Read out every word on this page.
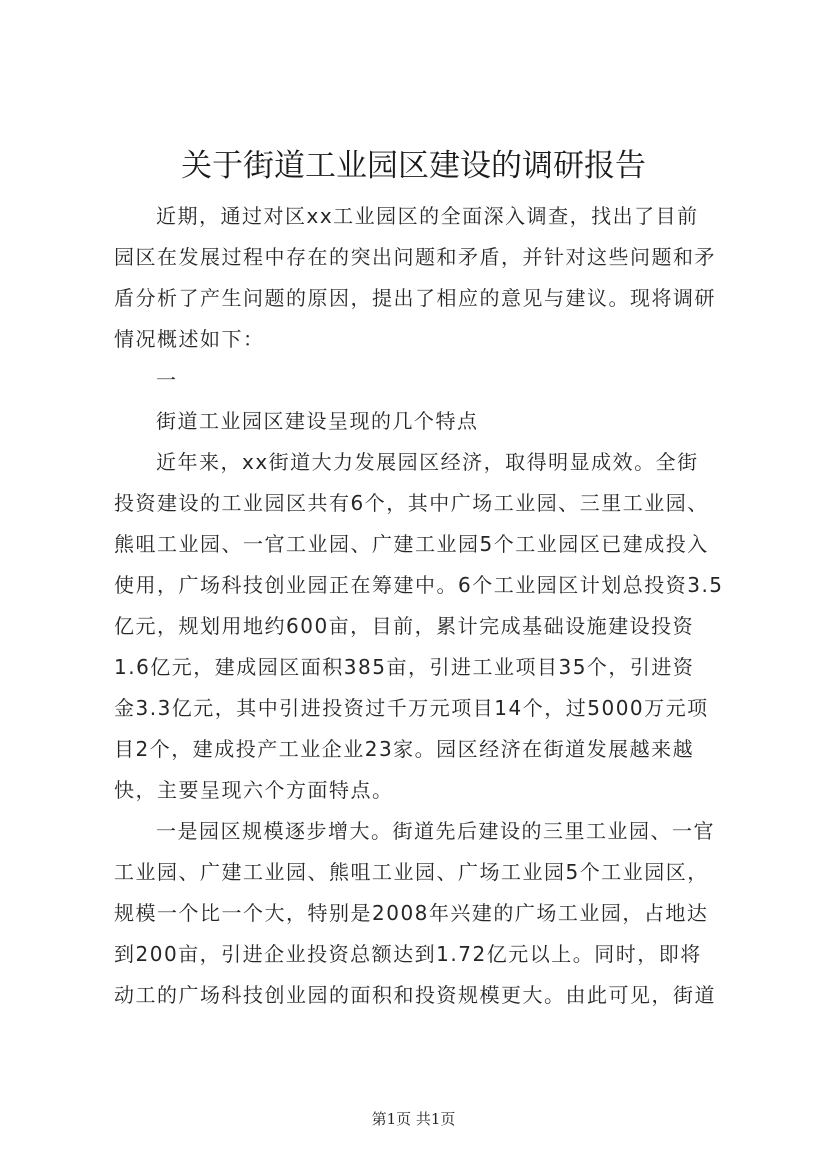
关于街道工业园区建设的调研报告
近期，通过对区xx工业园区的全面深入调查，找出了目前
园区在发展过程中存在的突出问题和矛盾，并针对这些问题和矛
盾分析了产生问题的原因，提出了相应的意见与建议。现将调研
情况概述如下：
一
街道工业园区建设呈现的几个特点
近年来，xx街道大力发展园区经济，取得明显成效。全街
投资建设的工业园区共有6个，其中广场工业园、三里工业园、
熊咀工业园、一官工业园、广建工业园5个工业园区已建成投入
使用，广场科技创业园正在筹建中。6个工业园区计划总投资3.5
亿元，规划用地约600亩，目前，累计完成基础设施建设投资
1.6亿元，建成园区面积385亩，引进工业项目35个，引进资
金3.3亿元，其中引进投资过千万元项目14个，过5000万元项
目2个，建成投产工业企业23家。园区经济在街道发展越来越
快，主要呈现六个方面特点。
一是园区规模逐步增大。街道先后建设的三里工业园、一官
工业园、广建工业园、熊咀工业园、广场工业园5个工业园区，
规模一个比一个大，特别是2008年兴建的广场工业园，占地达
到200亩，引进企业投资总额达到1.72亿元以上。同时，即将
动工的广场科技创业园的面积和投资规模更大。由此可见，街道
第1页 共1页
